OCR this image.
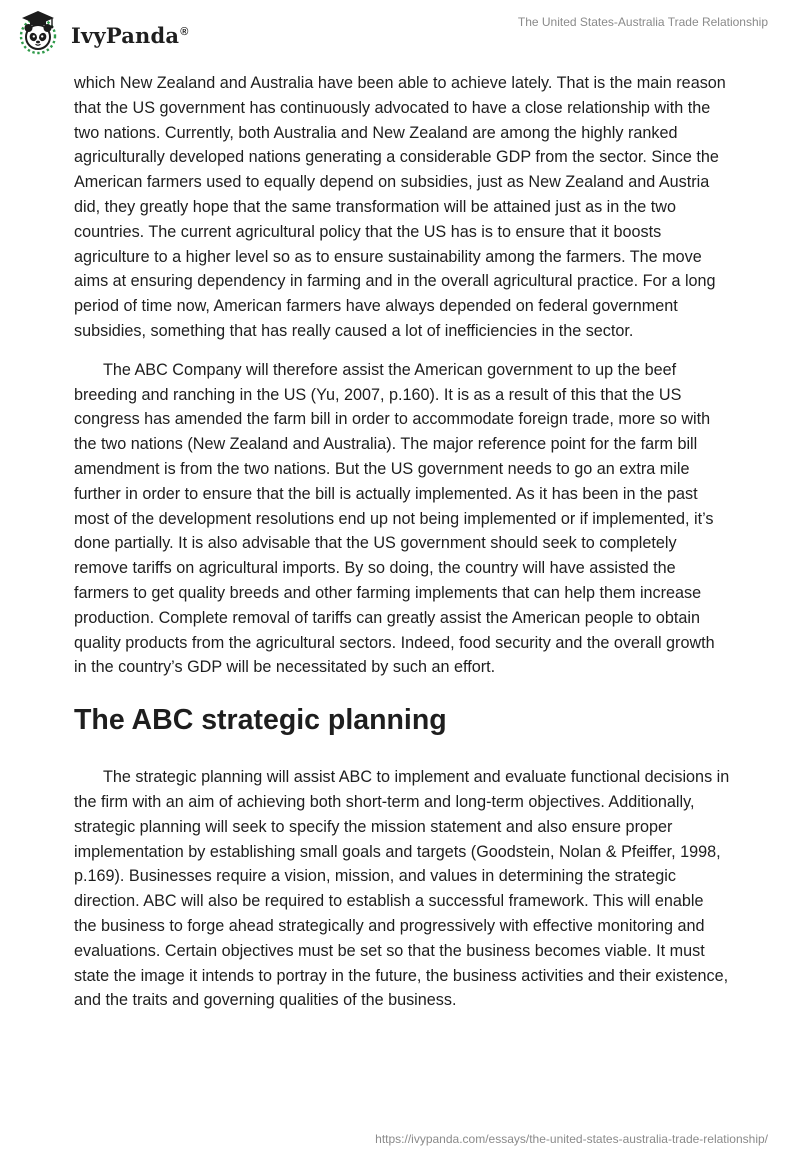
IvyPanda®
The United States-Australia Trade Relationship

which New Zealand and Australia have been able to achieve lately. That is the main reason that the US government has continuously advocated to have a close relationship with the two nations. Currently, both Australia and New Zealand are among the highly ranked agriculturally developed nations generating a considerable GDP from the sector. Since the American farmers used to equally depend on subsidies, just as New Zealand and Austria did, they greatly hope that the same transformation will be attained just as in the two countries. The current agricultural policy that the US has is to ensure that it boosts agriculture to a higher level so as to ensure sustainability among the farmers. The move aims at ensuring dependency in farming and in the overall agricultural practice. For a long period of time now, American farmers have always depended on federal government subsidies, something that has really caused a lot of inefficiencies in the sector.

The ABC Company will therefore assist the American government to up the beef breeding and ranching in the US (Yu, 2007, p.160). It is as a result of this that the US congress has amended the farm bill in order to accommodate foreign trade, more so with the two nations (New Zealand and Australia). The major reference point for the farm bill amendment is from the two nations. But the US government needs to go an extra mile further in order to ensure that the bill is actually implemented. As it has been in the past most of the development resolutions end up not being implemented or if implemented, it’s done partially. It is also advisable that the US government should seek to completely remove tariffs on agricultural imports. By so doing, the country will have assisted the farmers to get quality breeds and other farming implements that can help them increase production. Complete removal of tariffs can greatly assist the American people to obtain quality products from the agricultural sectors. Indeed, food security and the overall growth in the country’s GDP will be necessitated by such an effort.

The ABC strategic planning

The strategic planning will assist ABC to implement and evaluate functional decisions in the firm with an aim of achieving both short-term and long-term objectives. Additionally, strategic planning will seek to specify the mission statement and also ensure proper implementation by establishing small goals and targets (Goodstein, Nolan & Pfeiffer, 1998, p.169). Businesses require a vision, mission, and values in determining the strategic direction. ABC will also be required to establish a successful framework. This will enable the business to forge ahead strategically and progressively with effective monitoring and evaluations. Certain objectives must be set so that the business becomes viable. It must state the image it intends to portray in the future, the business activities and their existence, and the traits and governing qualities of the business.

https://ivypanda.com/essays/the-united-states-australia-trade-relationship/
